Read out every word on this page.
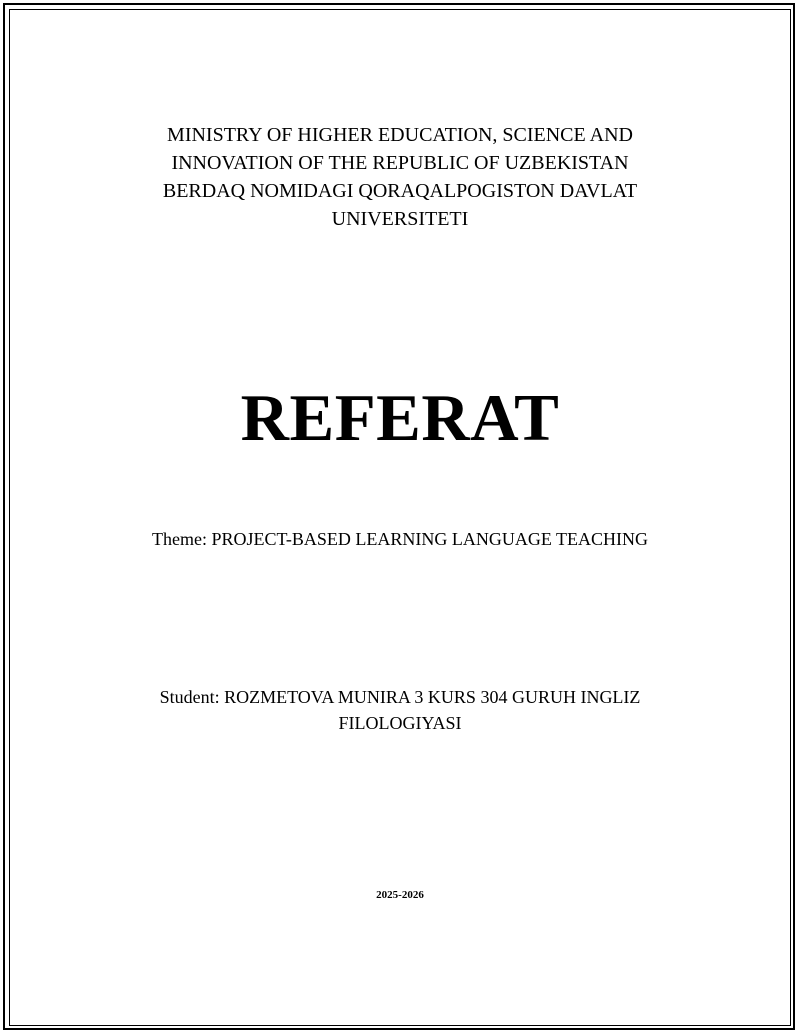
MINISTRY OF HIGHER EDUCATION, SCIENCE AND
INNOVATION OF THE REPUBLIC OF UZBEKISTAN
BERDAQ NOMIDAGI QORAQALPOGISTON DAVLAT
UNIVERSITETI
REFERAT
Theme: PROJECT-BASED LEARNING LANGUAGE TEACHING
Student: ROZMETOVA MUNIRA 3 KURS 304 GURUH INGLIZ
FILOLOGIYASI
2025-2026
